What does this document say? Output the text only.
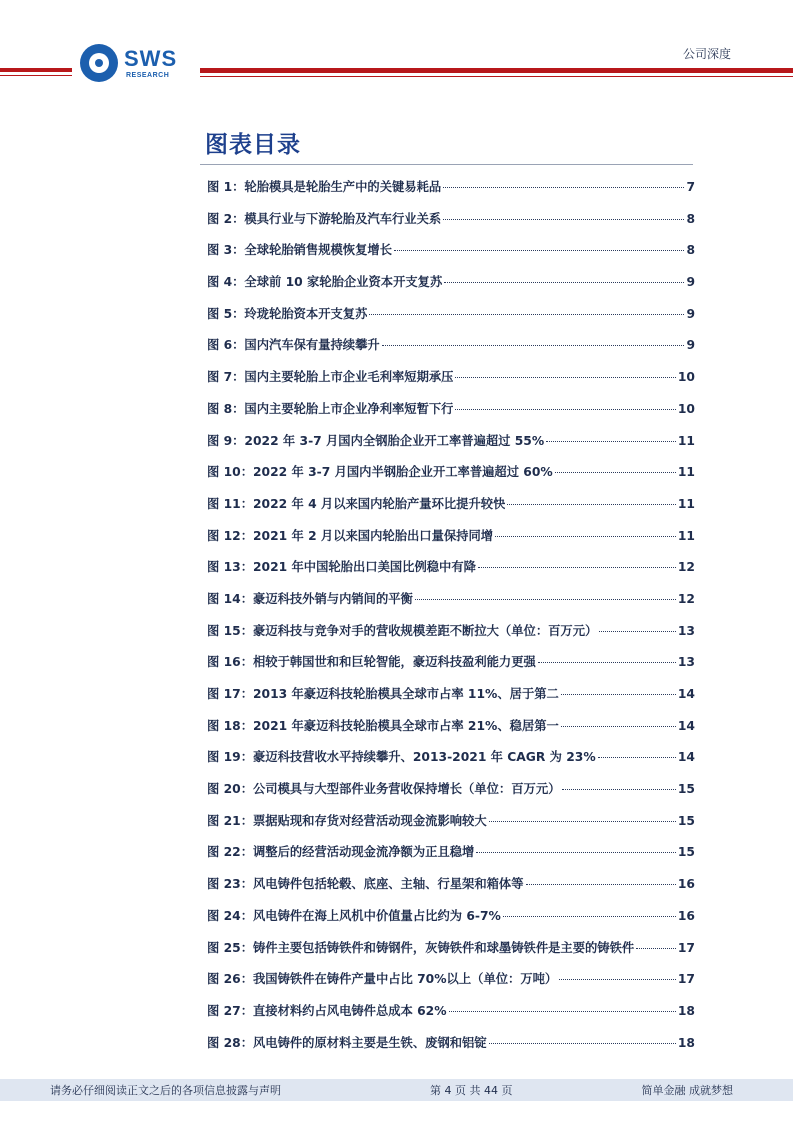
SWS
RESEARCH
公司深度
图表目录
图 1：轮胎模具是轮胎生产中的关键易耗品	7
图 2：模具行业与下游轮胎及汽车行业关系	8
图 3：全球轮胎销售规模恢复增长	8
图 4：全球前 10 家轮胎企业资本开支复苏	9
图 5：玲珑轮胎资本开支复苏	9
图 6：国内汽车保有量持续攀升	9
图 7：国内主要轮胎上市企业毛利率短期承压	10
图 8：国内主要轮胎上市企业净利率短暂下行	10
图 9：2022 年 3-7 月国内全钢胎企业开工率普遍超过 55%	11
图 10：2022 年 3-7 月国内半钢胎企业开工率普遍超过 60%	11
图 11：2022 年 4 月以来国内轮胎产量环比提升较快	11
图 12：2021 年 2 月以来国内轮胎出口量保持同增	11
图 13：2021 年中国轮胎出口美国比例稳中有降	12
图 14：豪迈科技外销与内销间的平衡	12
图 15：豪迈科技与竞争对手的营收规模差距不断拉大（单位：百万元）	13
图 16：相较于韩国世和和巨轮智能，豪迈科技盈利能力更强	13
图 17：2013 年豪迈科技轮胎模具全球市占率 11%、居于第二	14
图 18：2021 年豪迈科技轮胎模具全球市占率 21%、稳居第一	14
图 19：豪迈科技营收水平持续攀升、2013-2021 年 CAGR 为 23%	14
图 20：公司模具与大型部件业务营收保持增长（单位：百万元）	15
图 21：票据贴现和存货对经营活动现金流影响较大	15
图 22：调整后的经营活动现金流净额为正且稳增	15
图 23：风电铸件包括轮毂、底座、主轴、行星架和箱体等	16
图 24：风电铸件在海上风机中价值量占比约为 6-7%	16
图 25：铸件主要包括铸铁件和铸钢件，灰铸铁件和球墨铸铁件是主要的铸铁件	17
图 26：我国铸铁件在铸件产量中占比 70%以上（单位：万吨）	17
图 27：直接材料约占风电铸件总成本 62%	18
图 28：风电铸件的原材料主要是生铁、废钢和铝锭	18
请务必仔细阅读正文之后的各项信息披露与声明	第 4 页 共 44 页	简单金融 成就梦想
